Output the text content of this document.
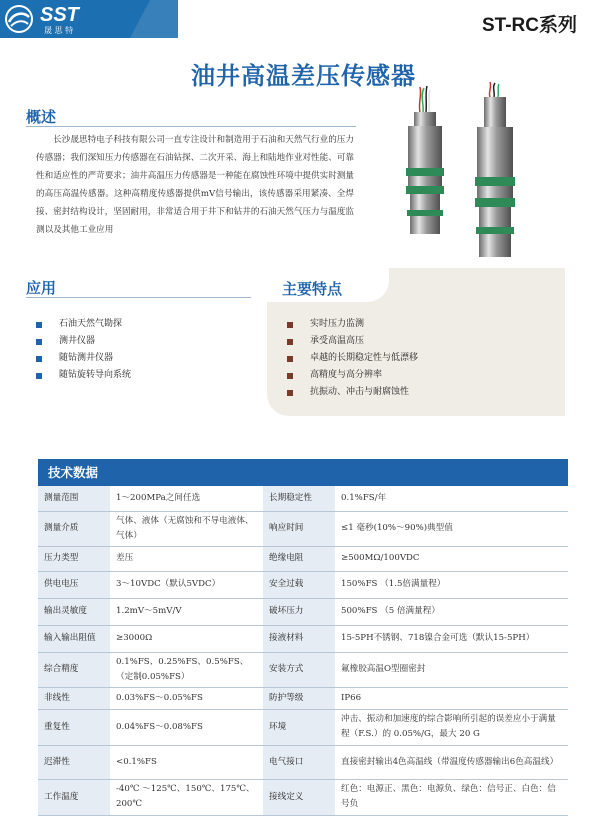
SST
晟 思 特	ST-RC系列
油井高温差压传感器
概述
长沙晟思特电子科技有限公司一直专注设计和制造用于石油和天然气行业的压力传感器；我们深知压力传感器在石油钻探、二次开采、海上和陆地作业对性能、可靠性和适应性的严苛要求；油井高温压力传感器是一种能在腐蚀性环境中提供实时测量的高压高温传感器。这种高精度传感器提供mV信号输出，该传感器采用紧凑、全焊接、密封结构设计，坚固耐用，非常适合用于井下和钻井的石油天然气压力与温度监测以及其他工业应用
应用
石油天然气勘探
测井仪器
随钻测井仪器
随钻旋转导向系统
主要特点
实时压力监测
承受高温高压
卓越的长期稳定性与低漂移
高精度与高分辨率
抗振动、冲击与耐腐蚀性
技术数据
测量范围	1～200MPa之间任选	长期稳定性	0.1%FS/年
测量介质	气体、液体（无腐蚀和不导电液体、气体）	响应时间	≤1 毫秒(10%～90%)典型值
压力类型	差压	绝缘电阻	≥500MΩ/100VDC
供电电压	3～10VDC（默认5VDC）	安全过载	150%FS （1.5倍满量程）
输出灵敏度	1.2mV～5mV/V	破坏压力	500%FS （5 倍满量程）
输入输出阻值	≥3000Ω	接液材料	15-5PH不锈钢、718镍合金可选（默认15-5PH）
综合精度	0.1%FS、0.25%FS、0.5%FS、（定制0.05%FS）	安装方式	氟橡胶高温O型圈密封
非线性	0.03%FS～0.05%FS	防护等级	IP66
重复性	0.04%FS～0.08%FS	环境	冲击、振动和加速度的综合影响所引起的误差应小于满量程（F.S.）的 0.05%/G，最大 20 G
迟滞性	<0.1%FS	电气接口	直接密封输出4色高温线（带温度传感器输出6色高温线）
工作温度	-40℃ ～125℃、150℃、175℃、200℃	接线定义	红色：电源正、黑色：电源负、绿色：信号正、白色：信号负
